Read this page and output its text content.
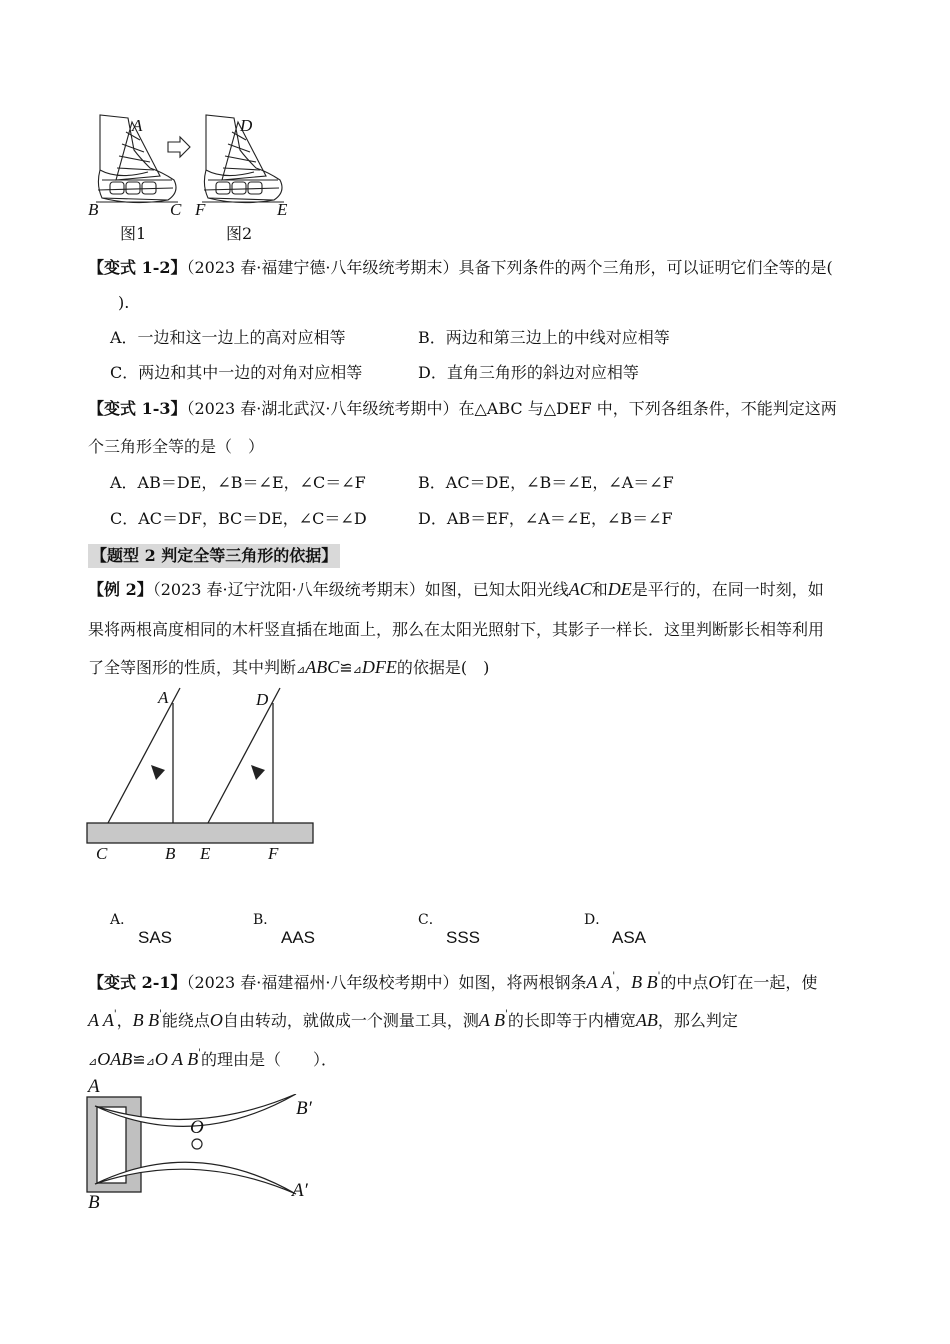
A
B	C
D
F	E
图1	图2
【变式 1-2】（2023 春·福建宁德·八年级统考期末）具备下列条件的两个三角形，可以证明它们全等的是(
).
A．一边和这一边上的高对应相等	B．两边和第三边上的中线对应相等
C．两边和其中一边的对角对应相等	D．直角三角形的斜边对应相等
【变式 1-3】（2023 春·湖北武汉·八年级统考期中）在△ABC 与△DEF 中，下列各组条件，不能判定这两
个三角形全等的是（　）
A．AB＝DE，∠B＝∠E，∠C＝∠F	B．AC＝DE，∠B＝∠E，∠A＝∠F
C．AC＝DF，BC＝DE，∠C＝∠D	D．AB＝EF，∠A＝∠E，∠B＝∠F
【题型 2 判定全等三角形的依据】
【例 2】（2023 春·辽宁沈阳·八年级统考期末）如图，已知太阳光线AC和DE是平行的，在同一时刻，如
果将两根高度相同的木杆竖直插在地面上，那么在太阳光照射下，其影子一样长．这里判断影长相等利用
了全等图形的性质，其中判断⊿ABC≌⊿DFE的依据是(　)
A	D
C	B E	F
A．
SAS
B．
AAS
C．
SSS
D．
ASA
【变式 2-1】（2023 春·福建福州·八年级校考期中）如图，将两根钢条A A'，B B'的中点O钉在一起，使
A A'，B B'能绕点O自由转动，就做成一个测量工具，测A B'的长即等于内槽宽AB，那么判定
⊿OAB≌⊿O A B'的理由是（　　）．
A
B
O
B′
A′
